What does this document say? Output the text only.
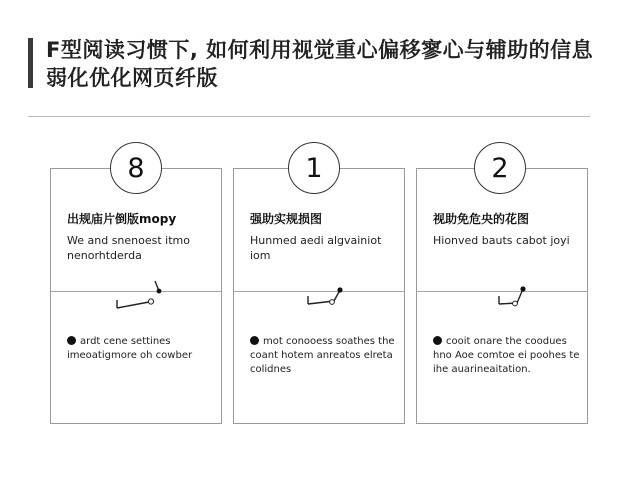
F型阅读习惯下, 如何利用视觉重心偏移寥心与辅助的信息弱化优化网页纤版
出规庙片倒版mopy
We and snenoest itmo nenorhtderda
ardt cene settines imeoatigmore oh cowber
8
强助实规损图
Hunmed aedi algvainiot iom
mot conooess soathes the coant hotem anreatos elreta colidnes
1
视助免危央的花图
Hionved bauts cabot joyi
cooit onare the coodues hno Aoe comtoe ei poohes te ihe auarineaitation.
2
